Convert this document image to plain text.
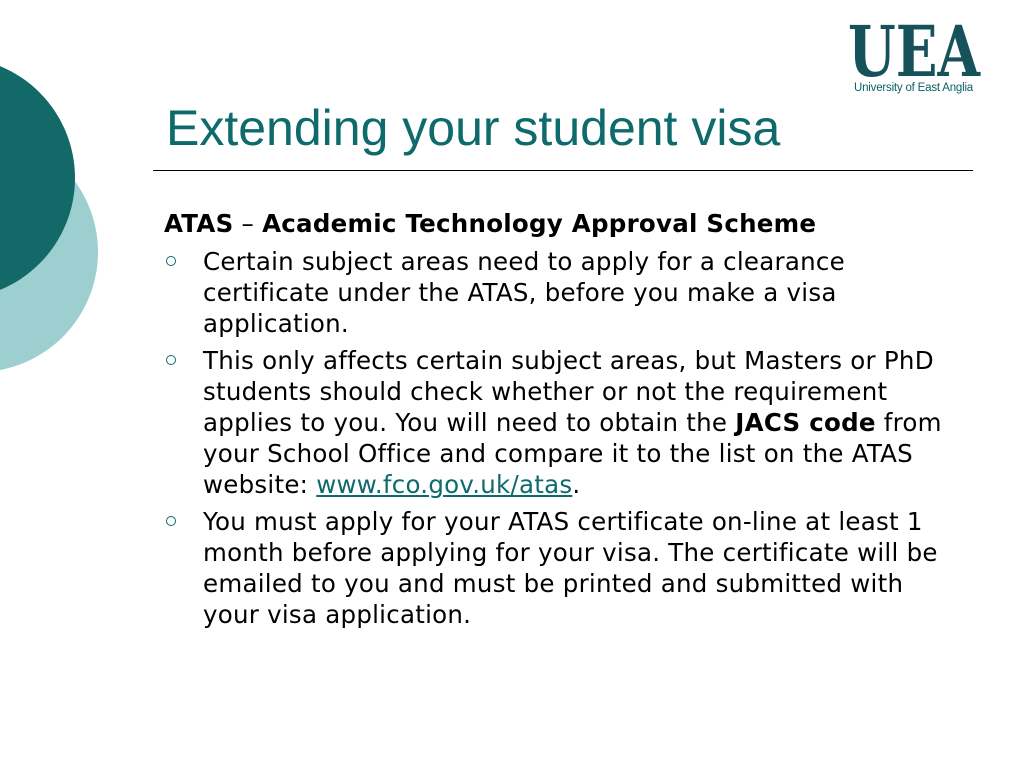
UEA
University of East Anglia
Extending your student visa

ATAS – Academic Technology Approval Scheme

Certain subject areas need to apply for a clearance certificate under the ATAS, before you make a visa application.
This only affects certain subject areas, but Masters or PhD students should check whether or not the requirement applies to you. You will need to obtain the JACS code from your School Office and compare it to the list on the ATAS website: www.fco.gov.uk/atas.
You must apply for your ATAS certificate on-line at least 1 month before applying for your visa. The certificate will be emailed to you and must be printed and submitted with your visa application.
